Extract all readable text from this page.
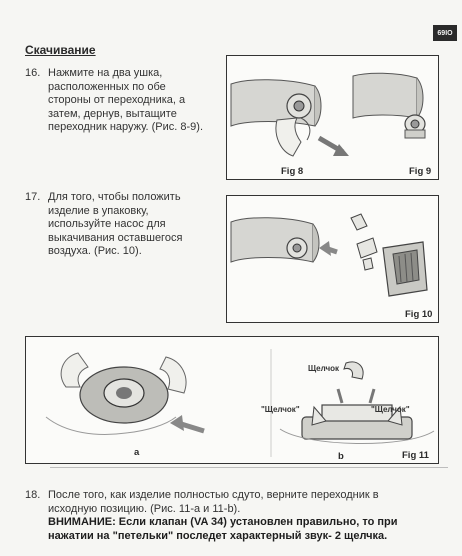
69IO
Скачивание
16. Нажмите на два ушка,
расположенных по обе
стороны от переходника, а
затем, дернув, вытащите
переходник наружу. (Рис. 8-9).
17. Для того, чтобы положить
изделие в упаковку,
используйте насос для
выкачивания оставшегося
воздуха. (Рис. 10).
Fig 8	Fig 9
Fig 10
a	b	Fig 11
Щелчок
"Щелчок"	"Щелчок"
18. После того, как изделие полностью сдуто, верните переходник в
исходную позицию. (Рис. 11-a и 11-b).
ВНИМАНИЕ: Если клапан (VA 34) установлен правильно, то при
нажатии на "петельки" последет характерный звук- 2 щелчка.
